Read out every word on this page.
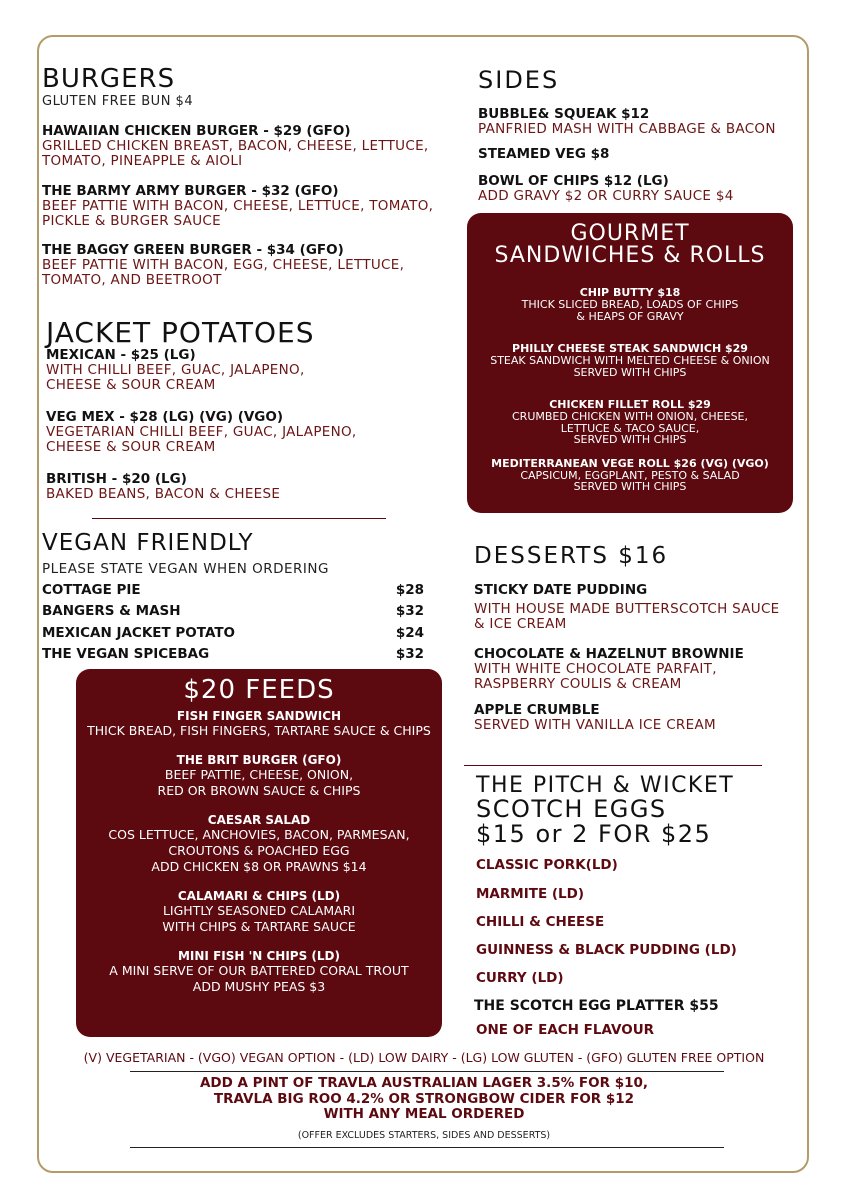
BURGERS
GLUTEN FREE BUN $4
HAWAIIAN CHICKEN BURGER - $29 (GFO)
GRILLED CHICKEN BREAST, BACON, CHEESE, LETTUCE,
TOMATO, PINEAPPLE & AIOLI
THE BARMY ARMY BURGER - $32 (GFO)
BEEF PATTIE WITH BACON, CHEESE, LETTUCE, TOMATO,
PICKLE & BURGER SAUCE
THE BAGGY GREEN BURGER - $34 (GFO)
BEEF PATTIE WITH BACON, EGG, CHEESE, LETTUCE,
TOMATO, AND BEETROOT
JACKET POTATOES
MEXICAN - $25 (LG)
WITH CHILLI BEEF, GUAC, JALAPENO,
CHEESE & SOUR CREAM
VEG MEX - $28 (LG) (VG) (VGO)
VEGETARIAN CHILLI BEEF, GUAC, JALAPENO,
CHEESE & SOUR CREAM
BRITISH - $20 (LG)
BAKED BEANS, BACON & CHEESE
VEGAN FRIENDLY
PLEASE STATE VEGAN WHEN ORDERING
COTTAGE PIE	$28
BANGERS & MASH	$32
MEXICAN JACKET POTATO	$24
THE VEGAN SPICEBAG	$32
$20 FEEDS
FISH FINGER SANDWICH
THICK BREAD, FISH FINGERS, TARTARE SAUCE & CHIPS
THE BRIT BURGER (GFO)
BEEF PATTIE, CHEESE, ONION,
RED OR BROWN SAUCE & CHIPS
CAESAR SALAD
COS LETTUCE, ANCHOVIES, BACON, PARMESAN,
CROUTONS & POACHED EGG
ADD CHICKEN $8 OR PRAWNS $14
CALAMARI & CHIPS (LD)
LIGHTLY SEASONED CALAMARI
WITH CHIPS & TARTARE SAUCE
MINI FISH 'N CHIPS (LD)
A MINI SERVE OF OUR BATTERED CORAL TROUT
ADD MUSHY PEAS $3
SIDES
BUBBLE& SQUEAK $12
PANFRIED MASH WITH CABBAGE & BACON
STEAMED VEG $8
BOWL OF CHIPS $12 (LG)
ADD GRAVY $2 OR CURRY SAUCE $4
GOURMET
SANDWICHES & ROLLS
CHIP BUTTY $18
THICK SLICED BREAD, LOADS OF CHIPS
& HEAPS OF GRAVY
PHILLY CHEESE STEAK SANDWICH $29
STEAK SANDWICH WITH MELTED CHEESE & ONION
SERVED WITH CHIPS
CHICKEN FILLET ROLL $29
CRUMBED CHICKEN WITH ONION, CHEESE,
LETTUCE & TACO SAUCE,
SERVED WITH CHIPS
MEDITERRANEAN VEGE ROLL $26 (VG) (VGO)
CAPSICUM, EGGPLANT, PESTO & SALAD
SERVED WITH CHIPS
DESSERTS $16
STICKY DATE PUDDING
WITH HOUSE MADE BUTTERSCOTCH SAUCE
& ICE CREAM
CHOCOLATE & HAZELNUT BROWNIE
WITH WHITE CHOCOLATE PARFAIT,
RASPBERRY COULIS & CREAM
APPLE CRUMBLE
SERVED WITH VANILLA ICE CREAM
THE PITCH & WICKET
SCOTCH EGGS
$15 or 2 FOR $25
CLASSIC PORK(LD)
MARMITE (LD)
CHILLI & CHEESE
GUINNESS & BLACK PUDDING (LD)
CURRY (LD)
THE SCOTCH EGG PLATTER $55
ONE OF EACH FLAVOUR
(V) VEGETARIAN - (VGO) VEGAN OPTION - (LD) LOW DAIRY - (LG) LOW GLUTEN - (GFO) GLUTEN FREE OPTION
ADD A PINT OF TRAVLA AUSTRALIAN LAGER 3.5% FOR $10,
TRAVLA BIG ROO 4.2% OR STRONGBOW CIDER FOR $12
WITH ANY MEAL ORDERED
(OFFER EXCLUDES STARTERS, SIDES AND DESSERTS)
